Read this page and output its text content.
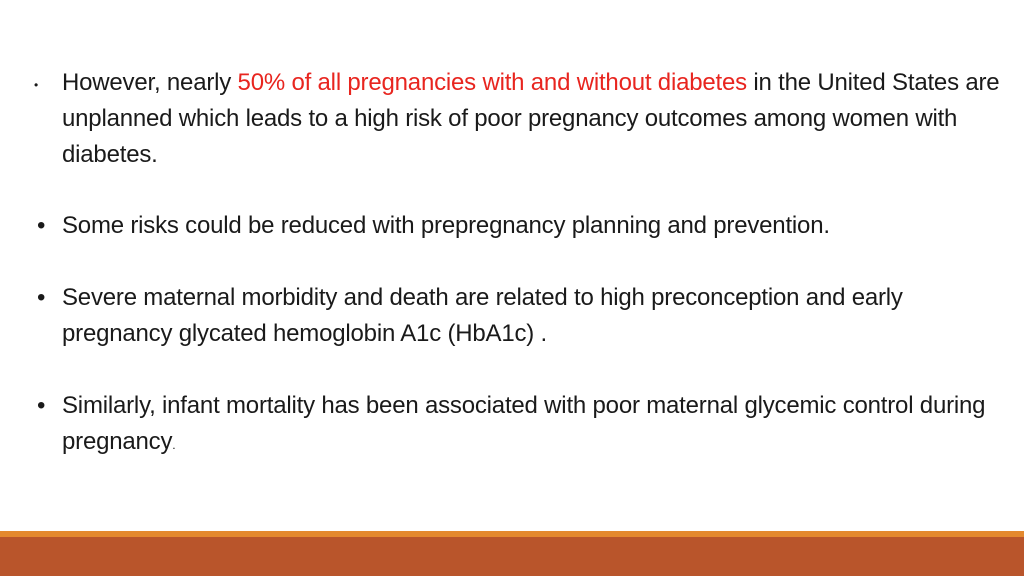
• However, nearly 50% of all pregnancies with and without diabetes in the United States are unplanned which leads to a high risk of poor pregnancy outcomes among women with diabetes.
• Some risks could be reduced with prepregnancy planning and prevention.
• Severe maternal morbidity and death are related to high preconception and early pregnancy glycated hemoglobin A1c (HbA1c) .
• Similarly, infant mortality has been associated with poor maternal glycemic control during pregnancy.
